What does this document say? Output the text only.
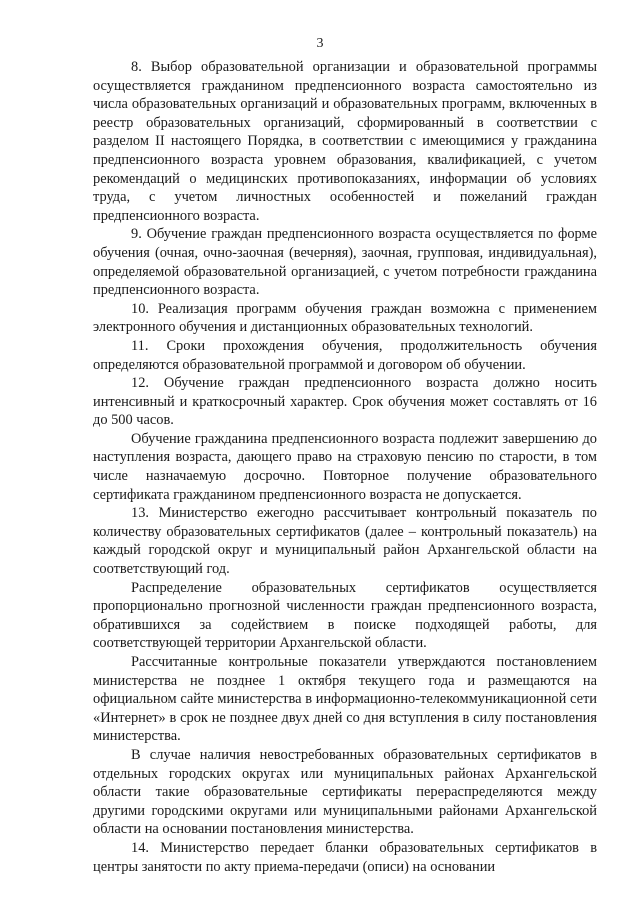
3

8. Выбор образовательной организации и образовательной программы осуществляется гражданином предпенсионного возраста самостоятельно из числа образовательных организаций и образовательных программ, включенных в реестр образовательных организаций, сформированный в соответствии с разделом II настоящего Порядка, в соответствии с имеющимися у гражданина предпенсионного возраста уровнем образования, квалификацией, с учетом рекомендаций о медицинских противопоказаниях, информации об условиях труда, с учетом личностных особенностей и пожеланий граждан предпенсионного возраста.

9. Обучение граждан предпенсионного возраста осуществляется по форме обучения (очная, очно-заочная (вечерняя), заочная, групповая, индивидуальная), определяемой образовательной организацией, с учетом потребности гражданина предпенсионного возраста.

10. Реализация программ обучения граждан возможна с применением электронного обучения и дистанционных образовательных технологий.

11. Сроки прохождения обучения, продолжительность обучения определяются образовательной программой и договором об обучении.

12. Обучение граждан предпенсионного возраста должно носить интенсивный и краткосрочный характер. Срок обучения может составлять от 16 до 500 часов.

Обучение гражданина предпенсионного возраста подлежит завершению до наступления возраста, дающего право на страховую пенсию по старости, в том числе назначаемую досрочно. Повторное получение образовательного сертификата гражданином предпенсионного возраста не допускается.

13. Министерство ежегодно рассчитывает контрольный показатель по количеству образовательных сертификатов (далее – контрольный показатель) на каждый городской округ и муниципальный район Архангельской области на соответствующий год.

Распределение образовательных сертификатов осуществляется пропорционально прогнозной численности граждан предпенсионного возраста, обратившихся за содействием в поиске подходящей работы, для соответствующей территории Архангельской области.

Рассчитанные контрольные показатели утверждаются постановлением министерства не позднее 1 октября текущего года и размещаются на официальном сайте министерства в информационно-телекоммуникационной сети «Интернет» в срок не позднее двух дней со дня вступления в силу постановления министерства.

В случае наличия невостребованных образовательных сертификатов в отдельных городских округах или муниципальных районах Архангельской области такие образовательные сертификаты перераспределяются между другими городскими округами или муниципальными районами Архангельской области на основании постановления министерства.

14. Министерство передает бланки образовательных сертификатов в центры занятости по акту приема-передачи (описи) на основании
